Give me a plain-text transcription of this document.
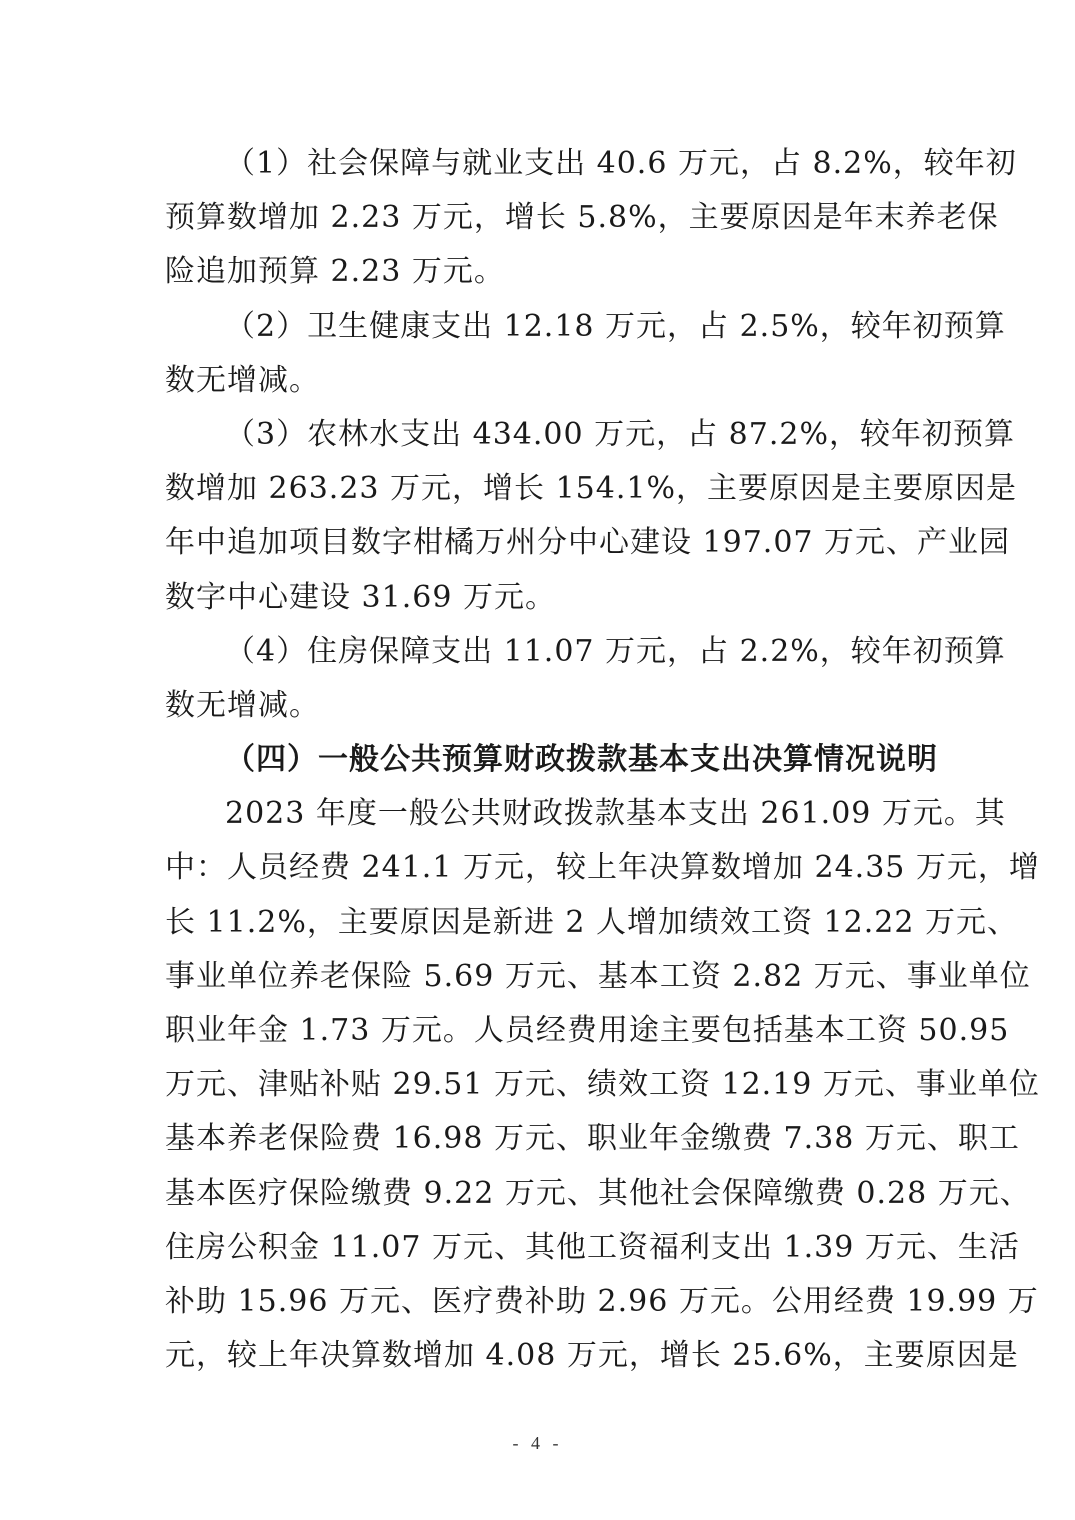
（1）社会保障与就业支出 40.6 万元，占 8.2%，较年初
预算数增加 2.23 万元，增长 5.8%，主要原因是年末养老保
险追加预算 2.23 万元。
（2）卫生健康支出 12.18 万元，占 2.5%，较年初预算
数无增减。
（3）农林水支出 434.00 万元，占 87.2%，较年初预算
数增加 263.23 万元，增长 154.1%，主要原因是主要原因是
年中追加项目数字柑橘万州分中心建设 197.07 万元、产业园
数字中心建设 31.69 万元。
（4）住房保障支出 11.07 万元，占 2.2%，较年初预算
数无增减。
（四）一般公共预算财政拨款基本支出决算情况说明
2023 年度一般公共财政拨款基本支出 261.09 万元。其
中：人员经费 241.1 万元，较上年决算数增加 24.35 万元，增
长 11.2%，主要原因是新进 2 人增加绩效工资 12.22 万元、
事业单位养老保险 5.69 万元、基本工资 2.82 万元、事业单位
职业年金 1.73 万元。人员经费用途主要包括基本工资 50.95
万元、津贴补贴 29.51 万元、绩效工资 12.19 万元、事业单位
基本养老保险费 16.98 万元、职业年金缴费 7.38 万元、职工
基本医疗保险缴费 9.22 万元、其他社会保障缴费 0.28 万元、
住房公积金 11.07 万元、其他工资福利支出 1.39 万元、生活
补助 15.96 万元、医疗费补助 2.96 万元。公用经费 19.99 万
元，较上年决算数增加 4.08 万元，增长 25.6%，主要原因是
- 4 -
